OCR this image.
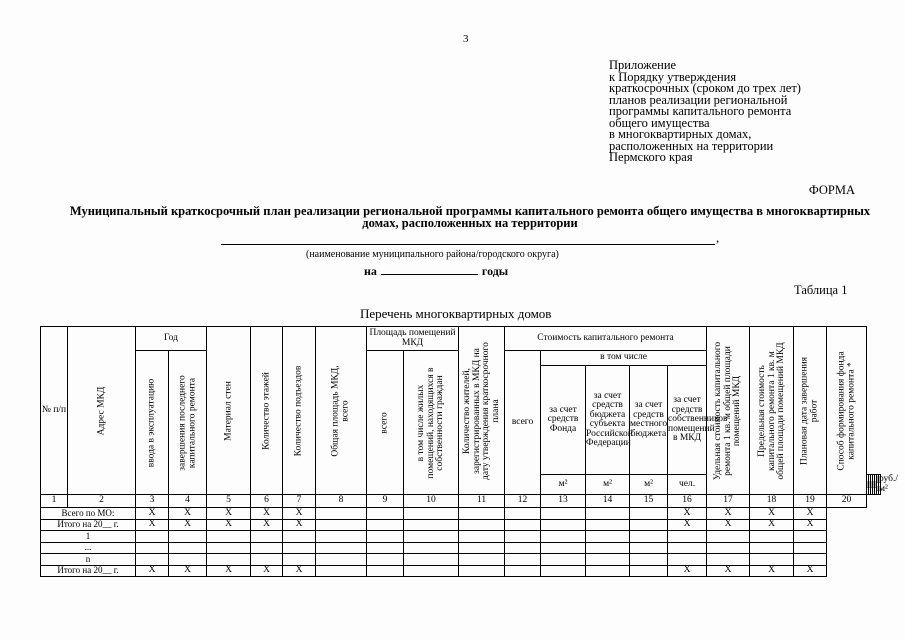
3
Приложение
к Порядку утверждения
краткосрочных (сроком до трех лет)
планов реализации региональной
программы капитального ремонта
общего имущества
в многоквартирных домах,
расположенных на территории
Пермского края
ФОРМА
Муниципальный краткосрочный план реализации региональной программы капитального ремонта общего имущества в многоквартирных домах, расположенных на территории
,
(наименование муниципального района/городского округа)
на	годы
Таблица 1
Перечень многоквартирных домов
№ п/п	Адрес МКД	Год		Материал стен	Количество этажей	Количество подъездов	Общая площадь МКД, всего	Площадь помещений МКД		Количество жителей, зарегистрированных в МКД на дату утверждения краткосрочного плана	Стоимость капитального ремонта					Удельная стоимость капитального ремонта 1 кв. м общей площади помещений МКД	Предельная стоимость капитального ремонта 1 кв. м общей площади помещений МКД	Плановая дата завершения работ	Способ формирования фонда капитального ремонта *							

		ввода в эксплуатацию	завершения последнего капитального ремонта					всего	в том числе жилых помещений, находящихся в собственности граждан		всего	в том числе														
												за счет средств Фонда	за счет средств бюджета субъекта Российской Федерации	за счет средств местного бюджета	за счет средств собственников помещений в МКД											
												м²	м²	м²	чел.											руб./м²
1	2	3	4	5	6	7	8	9	10	11	12	13	14	15	16	17	18	19	20							
Всего по МО:		X	X	X	X	X									X	X	X	X								
Итого на 20__ г.		X	X	X	X	X									X	X	X	X								
1																										
...																										
n																										
Итого на 20__ г.		X	X	X	X	X									X	X	X	X								
